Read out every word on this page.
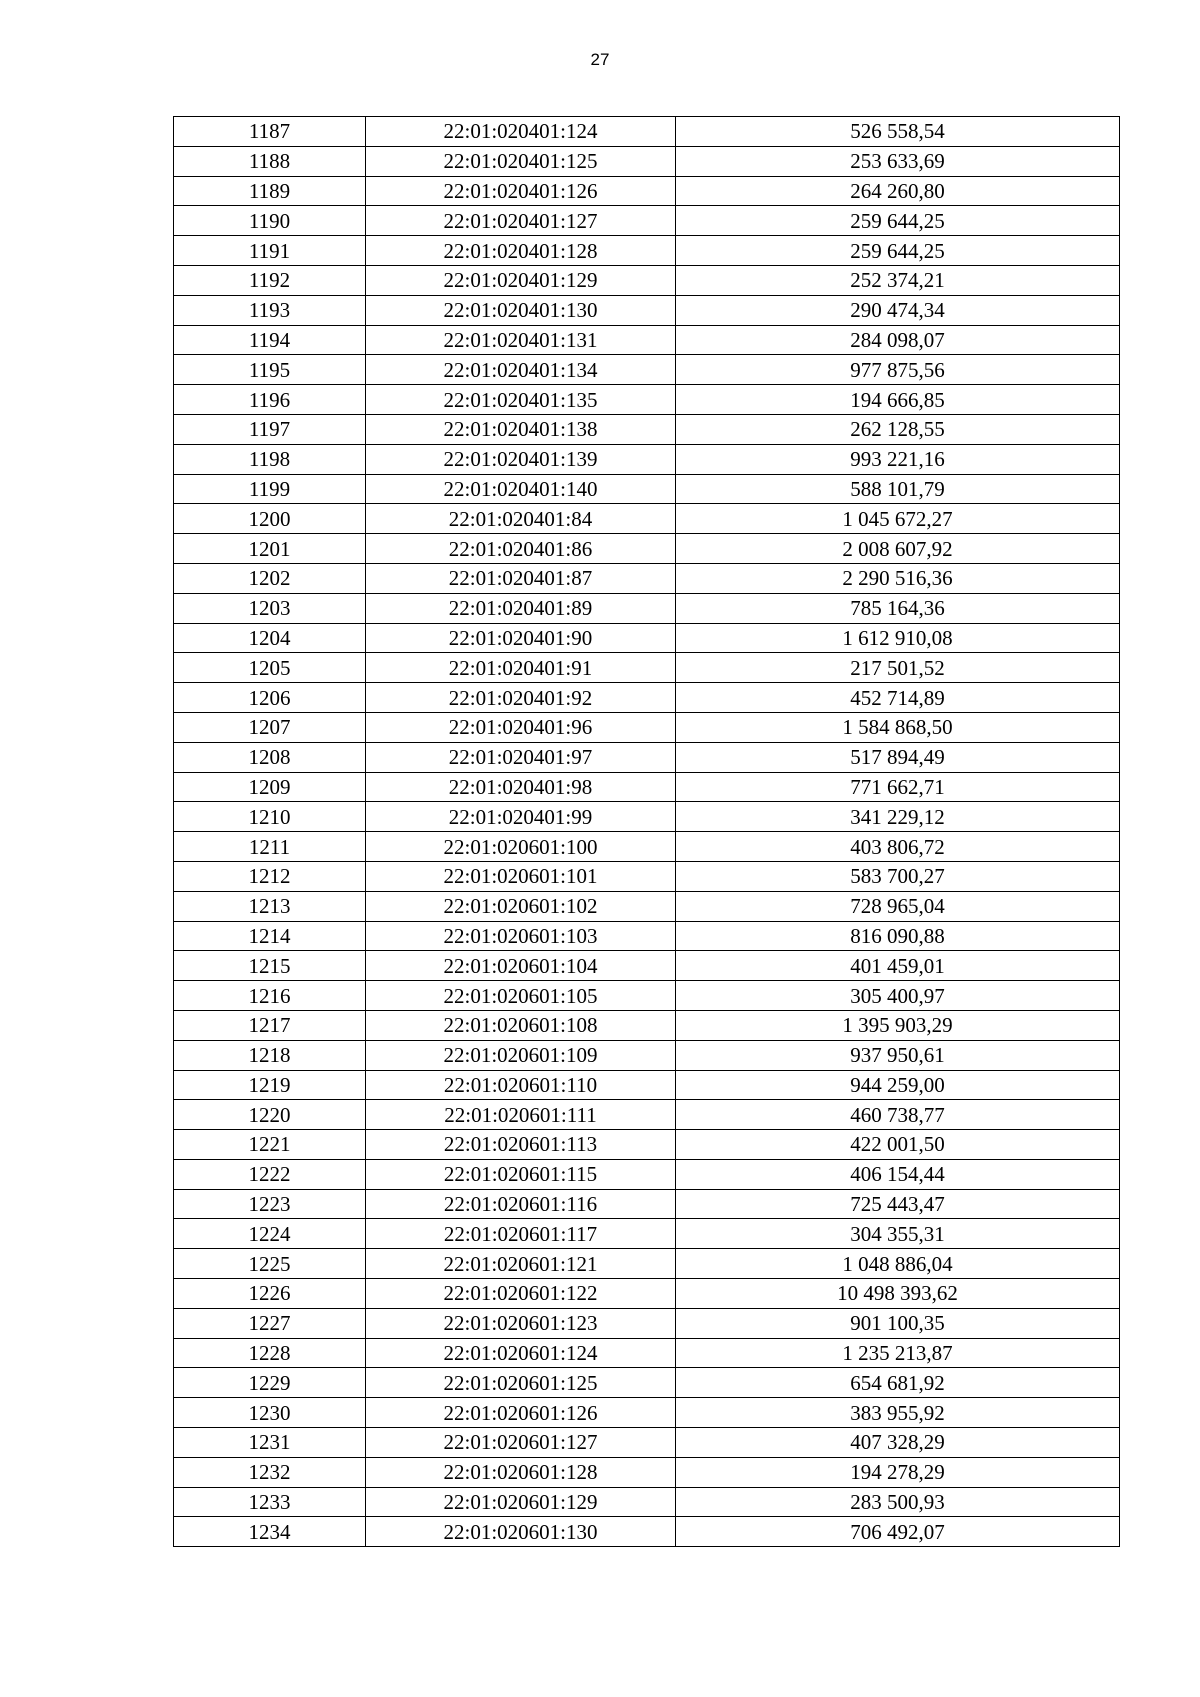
27
1187	22:01:020401:124	526 558,54
1188	22:01:020401:125	253 633,69
1189	22:01:020401:126	264 260,80
1190	22:01:020401:127	259 644,25
1191	22:01:020401:128	259 644,25
1192	22:01:020401:129	252 374,21
1193	22:01:020401:130	290 474,34
1194	22:01:020401:131	284 098,07
1195	22:01:020401:134	977 875,56
1196	22:01:020401:135	194 666,85
1197	22:01:020401:138	262 128,55
1198	22:01:020401:139	993 221,16
1199	22:01:020401:140	588 101,79
1200	22:01:020401:84	1 045 672,27
1201	22:01:020401:86	2 008 607,92
1202	22:01:020401:87	2 290 516,36
1203	22:01:020401:89	785 164,36
1204	22:01:020401:90	1 612 910,08
1205	22:01:020401:91	217 501,52
1206	22:01:020401:92	452 714,89
1207	22:01:020401:96	1 584 868,50
1208	22:01:020401:97	517 894,49
1209	22:01:020401:98	771 662,71
1210	22:01:020401:99	341 229,12
1211	22:01:020601:100	403 806,72
1212	22:01:020601:101	583 700,27
1213	22:01:020601:102	728 965,04
1214	22:01:020601:103	816 090,88
1215	22:01:020601:104	401 459,01
1216	22:01:020601:105	305 400,97
1217	22:01:020601:108	1 395 903,29
1218	22:01:020601:109	937 950,61
1219	22:01:020601:110	944 259,00
1220	22:01:020601:111	460 738,77
1221	22:01:020601:113	422 001,50
1222	22:01:020601:115	406 154,44
1223	22:01:020601:116	725 443,47
1224	22:01:020601:117	304 355,31
1225	22:01:020601:121	1 048 886,04
1226	22:01:020601:122	10 498 393,62
1227	22:01:020601:123	901 100,35
1228	22:01:020601:124	1 235 213,87
1229	22:01:020601:125	654 681,92
1230	22:01:020601:126	383 955,92
1231	22:01:020601:127	407 328,29
1232	22:01:020601:128	194 278,29
1233	22:01:020601:129	283 500,93
1234	22:01:020601:130	706 492,07
